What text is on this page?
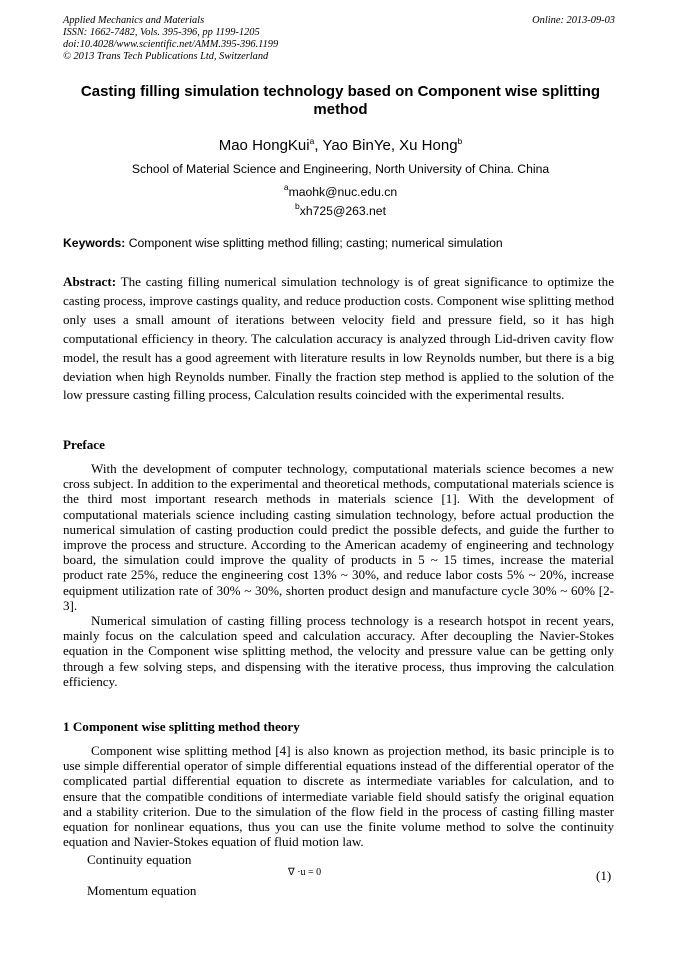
Applied Mechanics and Materials
ISSN: 1662-7482, Vols. 395-396, pp 1199-1205
doi:10.4028/www.scientific.net/AMM.395-396.1199
© 2013 Trans Tech Publications Ltd, Switzerland
Online: 2013-09-03
Casting filling simulation technology based on Component wise splitting method
Mao HongKui$^a$, Yao BinYe, Xu Hong$^b$
School of Material Science and Engineering, North University of China. China
$^a$maohk@nuc.edu.cn
$^b$xh725@263.net
Keywords: Component wise splitting method filling; casting; numerical simulation
Abstract: The casting filling numerical simulation technology is of great significance to optimize the casting process, improve castings quality, and reduce production costs. Component wise splitting method only uses a small amount of iterations between velocity field and pressure field, so it has high computational efficiency in theory. The calculation accuracy is analyzed through Lid-driven cavity flow model, the result has a good agreement with literature results in low Reynolds number, but there is a big deviation when high Reynolds number. Finally the fraction step method is applied to the solution of the low pressure casting filling process, Calculation results coincided with the experimental results.
Preface
With the development of computer technology, computational materials science becomes a new cross subject. In addition to the experimental and theoretical methods, computational materials science is the third most important research methods in materials science [1]. With the development of computational materials science including casting simulation technology, before actual production the numerical simulation of casting production could predict the possible defects, and guide the further to improve the process and structure. According to the American academy of engineering and technology board, the simulation could improve the quality of products in 5 ~ 15 times, increase the material product rate 25%, reduce the engineering cost 13% ~ 30%, and reduce labor costs 5% ~ 20%, increase equipment utilization rate of 30% ~ 30%, shorten product design and manufacture cycle 30% ~ 60% [2-3].
Numerical simulation of casting filling process technology is a research hotspot in recent years, mainly focus on the calculation speed and calculation accuracy. After decoupling the Navier-Stokes equation in the Component wise splitting method, the velocity and pressure value can be getting only through a few solving steps, and dispensing with the iterative process, thus improving the calculation efficiency.
1 Component wise splitting method theory
Component wise splitting method [4] is also known as projection method, its basic principle is to use simple differential operator of simple differential equations instead of the differential operator of the complicated partial differential equation to discrete as intermediate variables for calculation, and to ensure that the compatible conditions of intermediate variable field should satisfy the original equation and a stability criterion. Due to the simulation of the flow field in the process of casting filling master equation for nonlinear equations, thus you can use the finite volume method to solve the continuity equation and Navier-Stokes equation of fluid motion law.
Continuity equation
∇ ·u = 0	(1)
Momentum equation
